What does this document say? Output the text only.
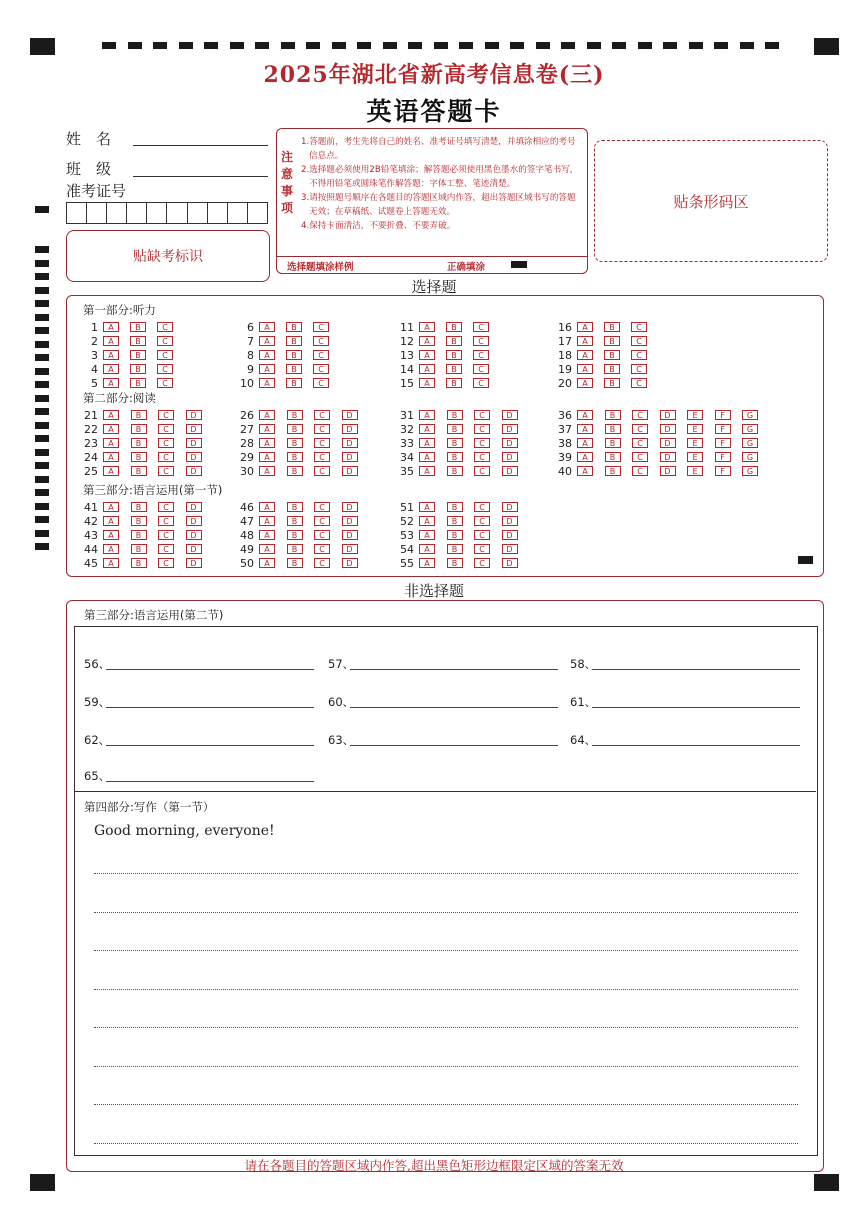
2025年湖北省新高考信息卷(三)
英语答题卡
姓　名
班　级
准考证号
贴缺考标识
注意事项
1.答题前，考生先将自己的姓名、准考证号填写清楚，并填涂相应的考号信息点。
2.选择题必须使用2B铅笔填涂；解答题必须使用黑色墨水的签字笔书写，不得用铅笔或圆珠笔作解答题：字体工整、笔迹清楚。
3.请按照题号顺序在各题目的答题区域内作答，超出答题区域书写的答题无效；在草稿纸、试题卷上答题无效。
4.保持卡面清洁，不要折叠、不要弄破。
选择题填涂样例	正确填涂
贴条形码区
选择题
第一部分:听力
第二部分:阅读
第三部分:语言运用(第一节)
1	A	B	C
2	A	B	C
3	A	B	C
4	A	B	C
5	A	B	C
6	A	B	C
7	A	B	C
8	A	B	C
9	A	B	C
10	A	B	C
11	A	B	C
12	A	B	C
13	A	B	C
14	A	B	C
15	A	B	C
16	A	B	C
17	A	B	C
18	A	B	C
19	A	B	C
20	A	B	C
21	A	B	C	D
22	A	B	C	D
23	A	B	C	D
24	A	B	C	D
25	A	B	C	D
26	A	B	C	D
27	A	B	C	D
28	A	B	C	D
29	A	B	C	D
30	A	B	C	D
31	A	B	C	D
32	A	B	C	D
33	A	B	C	D
34	A	B	C	D
35	A	B	C	D
36	A	B	C	D	E	F	G
37	A	B	C	D	E	F	G
38	A	B	C	D	E	F	G
39	A	B	C	D	E	F	G
40	A	B	C	D	E	F	G
41	A	B	C	D
42	A	B	C	D
43	A	B	C	D
44	A	B	C	D
45	A	B	C	D
46	A	B	C	D
47	A	B	C	D
48	A	B	C	D
49	A	B	C	D
50	A	B	C	D
51	A	B	C	D
52	A	B	C	D
53	A	B	C	D
54	A	B	C	D
55	A	B	C	D
非选择题
第三部分:语言运用(第二节)
56、	57、	58、
59、	60、	61、
62、	63、	64、
65、
第四部分:写作（第一节）
Good morning, everyone!
请在各题目的答题区域内作答,超出黑色矩形边框限定区域的答案无效
